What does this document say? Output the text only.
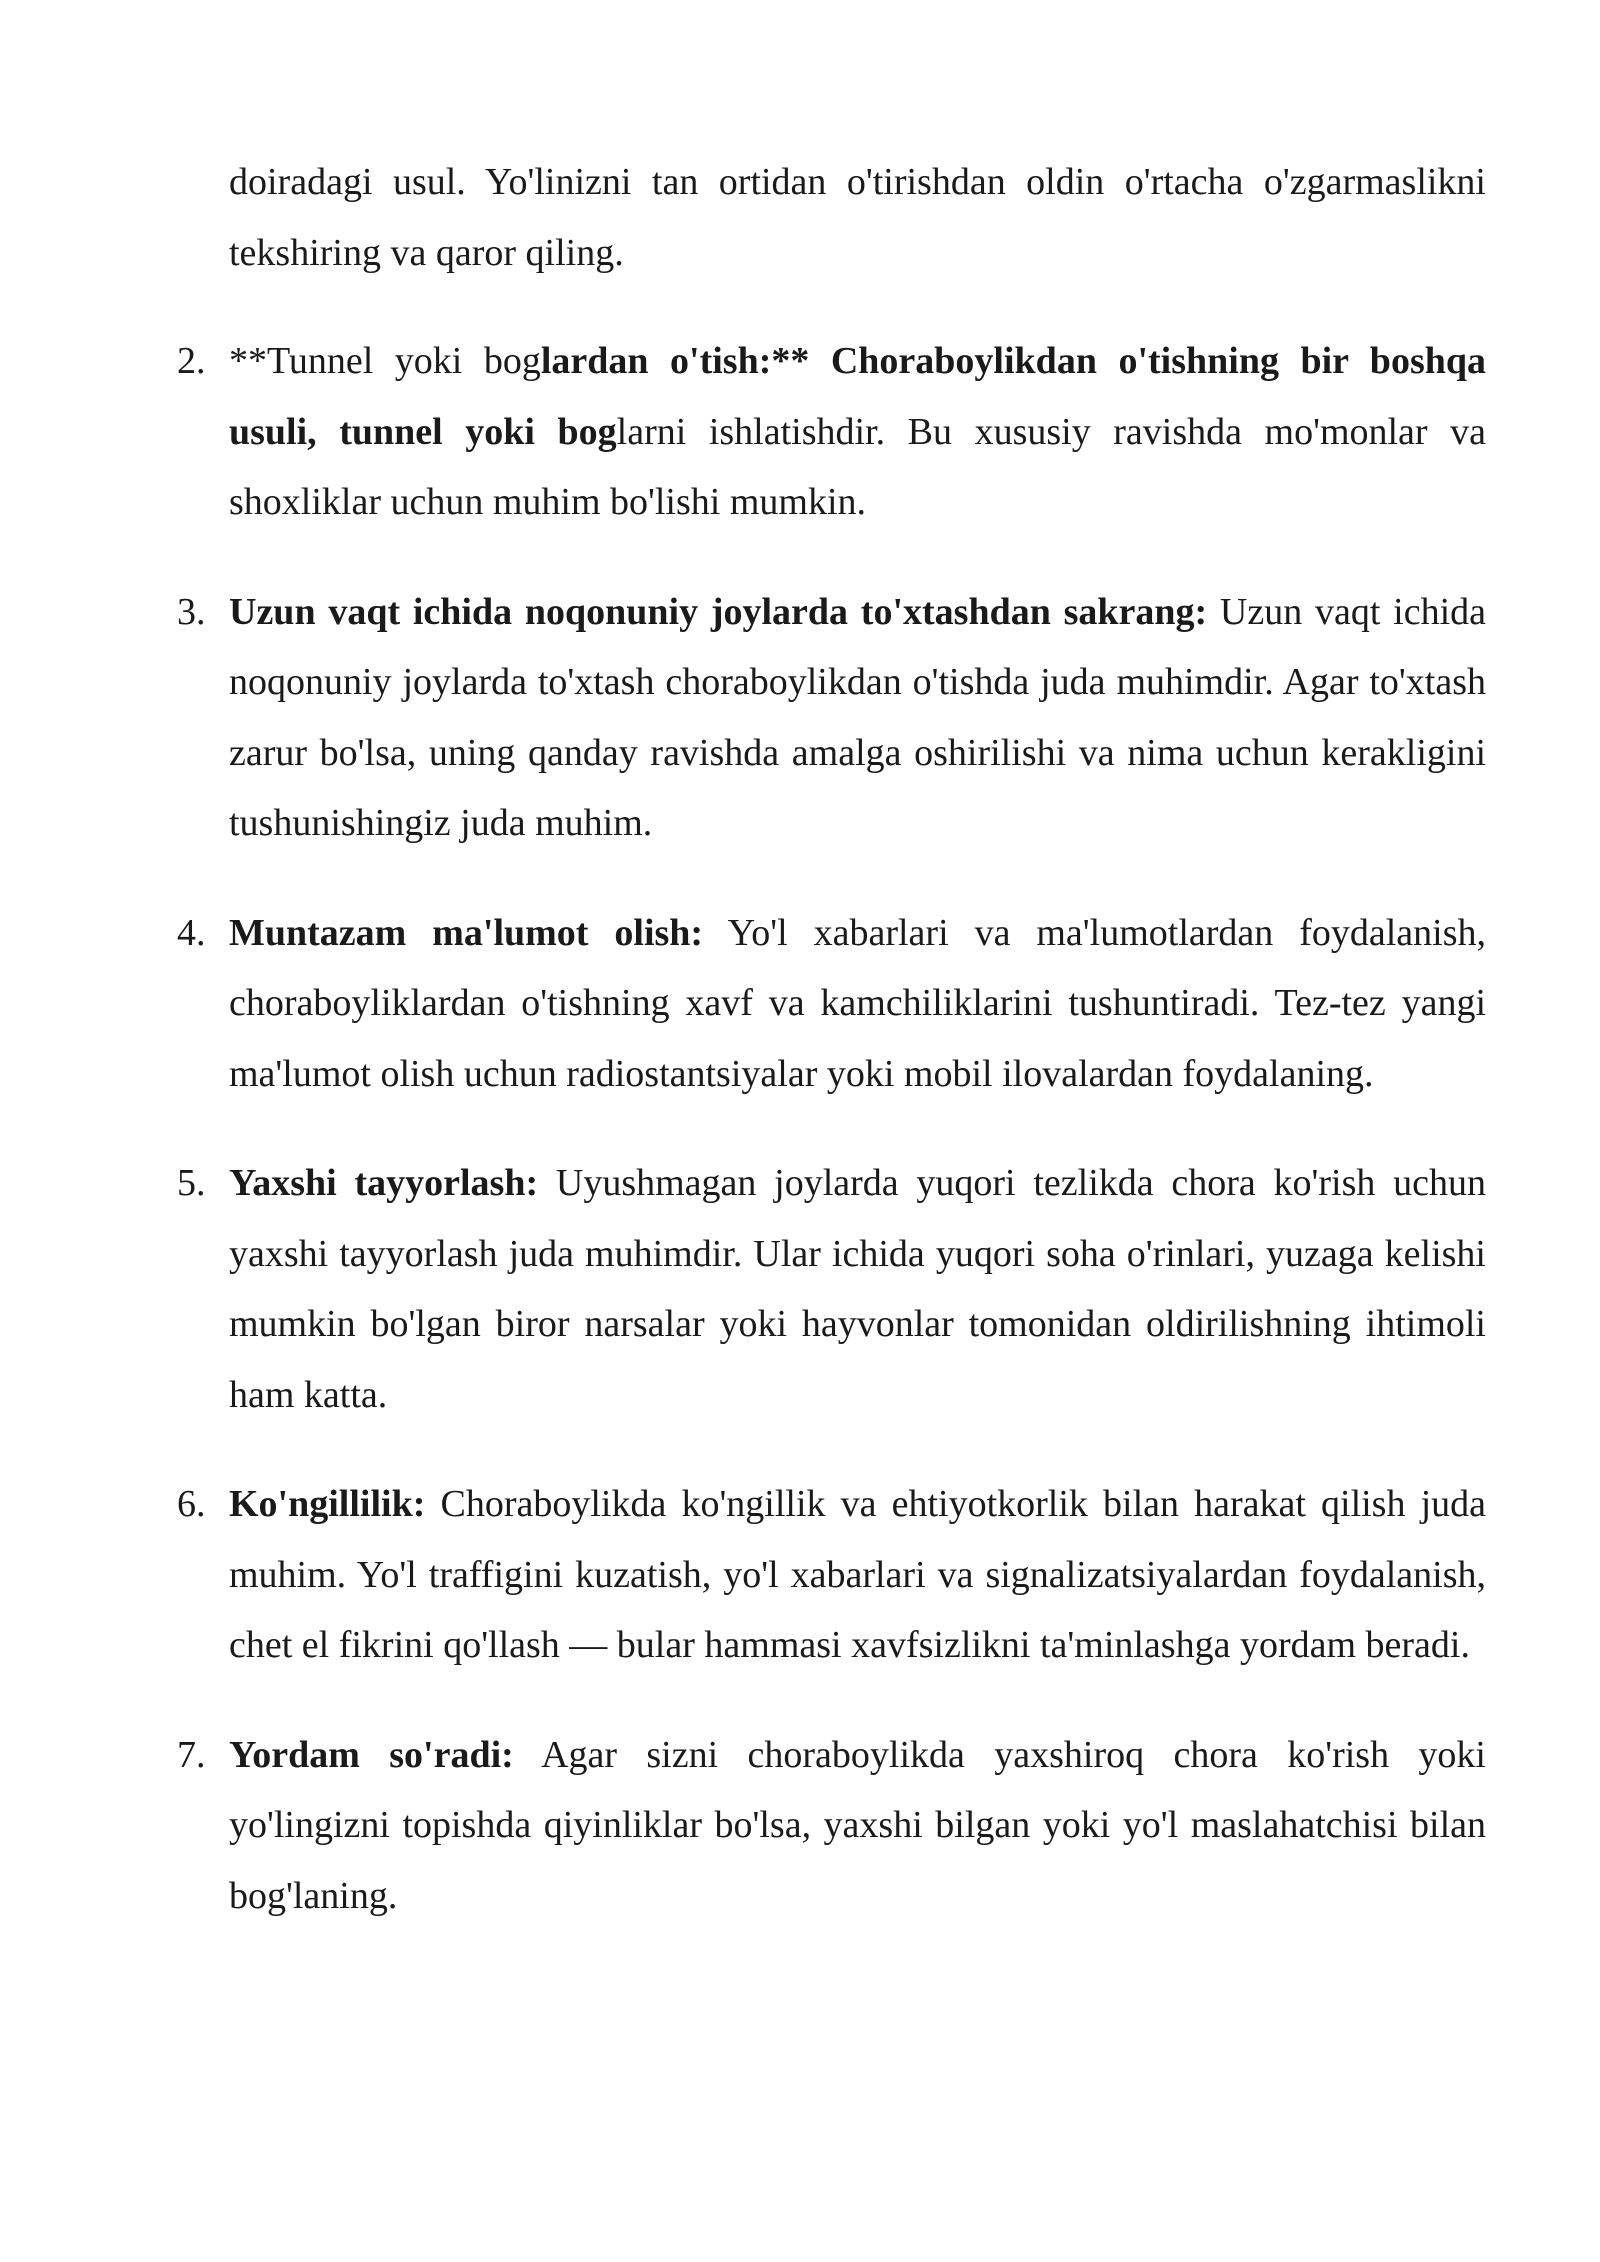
doiradagi usul. Yo'linizni tan ortidan o'tirishdan oldin o'rtacha o'zgarmaslikni tekshiring va qaror qiling.

2. **Tunnel yoki boglardan o'tish:** Choraboylikdan o'tishning bir boshqa usuli, tunnel yoki boglarni ishlatishdir. Bu xususiy ravishda mo'monlar va shoxliklar uchun muhim bo'lishi mumkin.

3. Uzun vaqt ichida noqonuniy joylarda to'xtashdan sakrang: Uzun vaqt ichida noqonuniy joylarda to'xtash choraboylikdan o'tishda juda muhimdir. Agar to'xtash zarur bo'lsa, uning qanday ravishda amalga oshirilishi va nima uchun kerakligini tushunishingiz juda muhim.

4. Muntazam ma'lumot olish: Yo'l xabarlari va ma'lumotlardan foydalanish, choraboyliklardan o'tishning xavf va kamchiliklarini tushuntiradi. Tez-tez yangi ma'lumot olish uchun radiostantsiyalar yoki mobil ilovalardan foydalaning.

5. Yaxshi tayyorlash: Uyushmagan joylarda yuqori tezlikda chora ko'rish uchun yaxshi tayyorlash juda muhimdir. Ular ichida yuqori soha o'rinlari, yuzaga kelishi mumkin bo'lgan biror narsalar yoki hayvonlar tomonidan oldirilishning ihtimoli ham katta.

6. Ko'ngillilik: Choraboylikda ko'ngillik va ehtiyotkorlik bilan harakat qilish juda muhim. Yo'l traffigini kuzatish, yo'l xabarlari va signalizatsiyalardan foydalanish, chet el fikrini qo'llash — bular hammasi xavfsizlikni ta'minlashga yordam beradi.

7. Yordam so'radi: Agar sizni choraboylikda yaxshiroq chora ko'rish yoki yo'lingizni topishda qiyinliklar bo'lsa, yaxshi bilgan yoki yo'l maslahatchisi bilan bog'laning.
